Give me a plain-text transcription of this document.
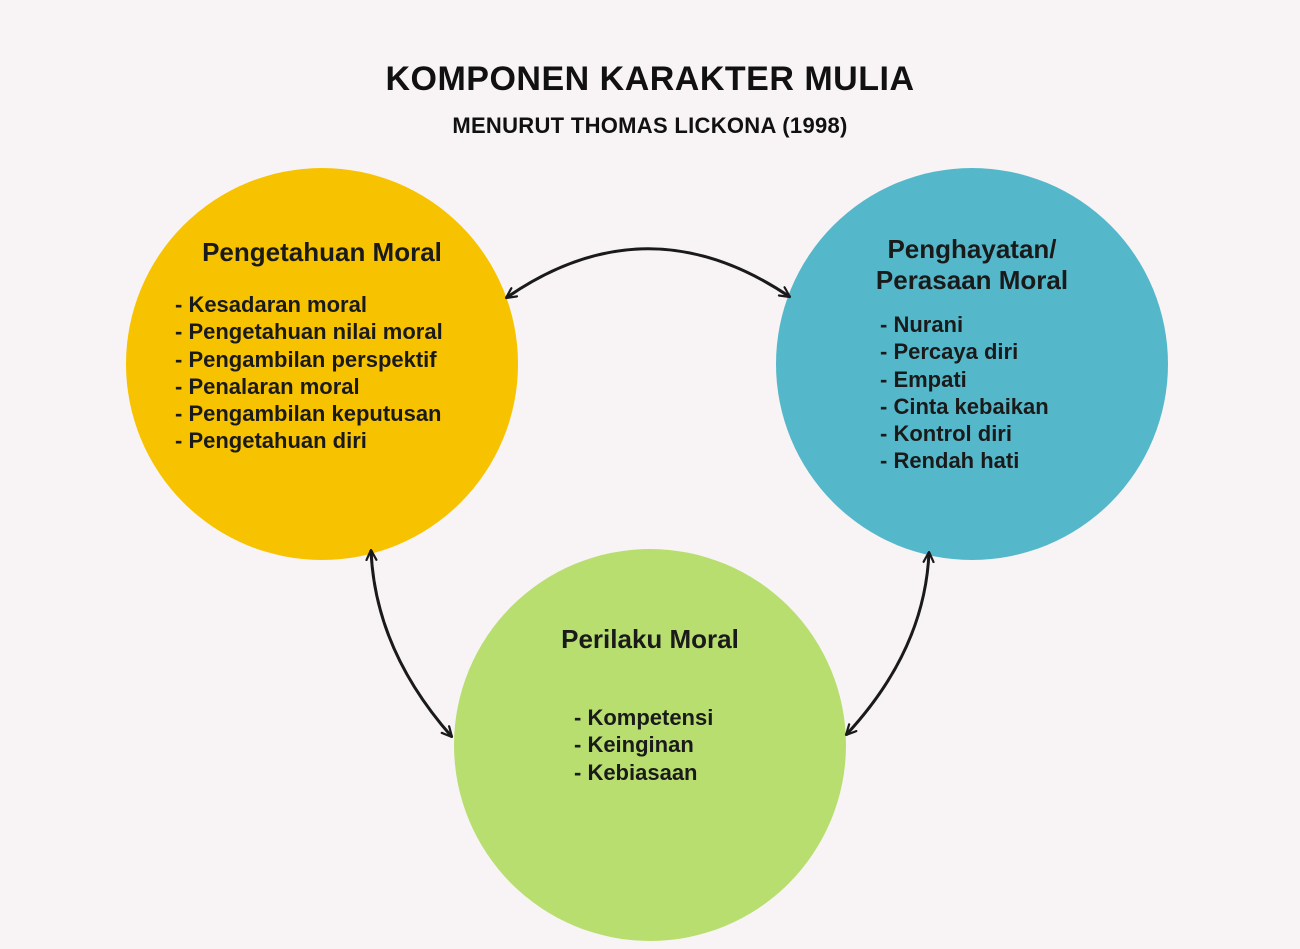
KOMPONEN KARAKTER MULIA
MENURUT THOMAS LICKONA (1998)
Pengetahuan Moral
- Kesadaran moral
- Pengetahuan nilai moral
- Pengambilan perspektif
- Penalaran moral
- Pengambilan keputusan
- Pengetahuan diri
Penghayatan/
Perasaan Moral
- Nurani
- Percaya diri
- Empati
- Cinta kebaikan
- Kontrol diri
- Rendah hati
Perilaku Moral
- Kompetensi
- Keinginan
- Kebiasaan
